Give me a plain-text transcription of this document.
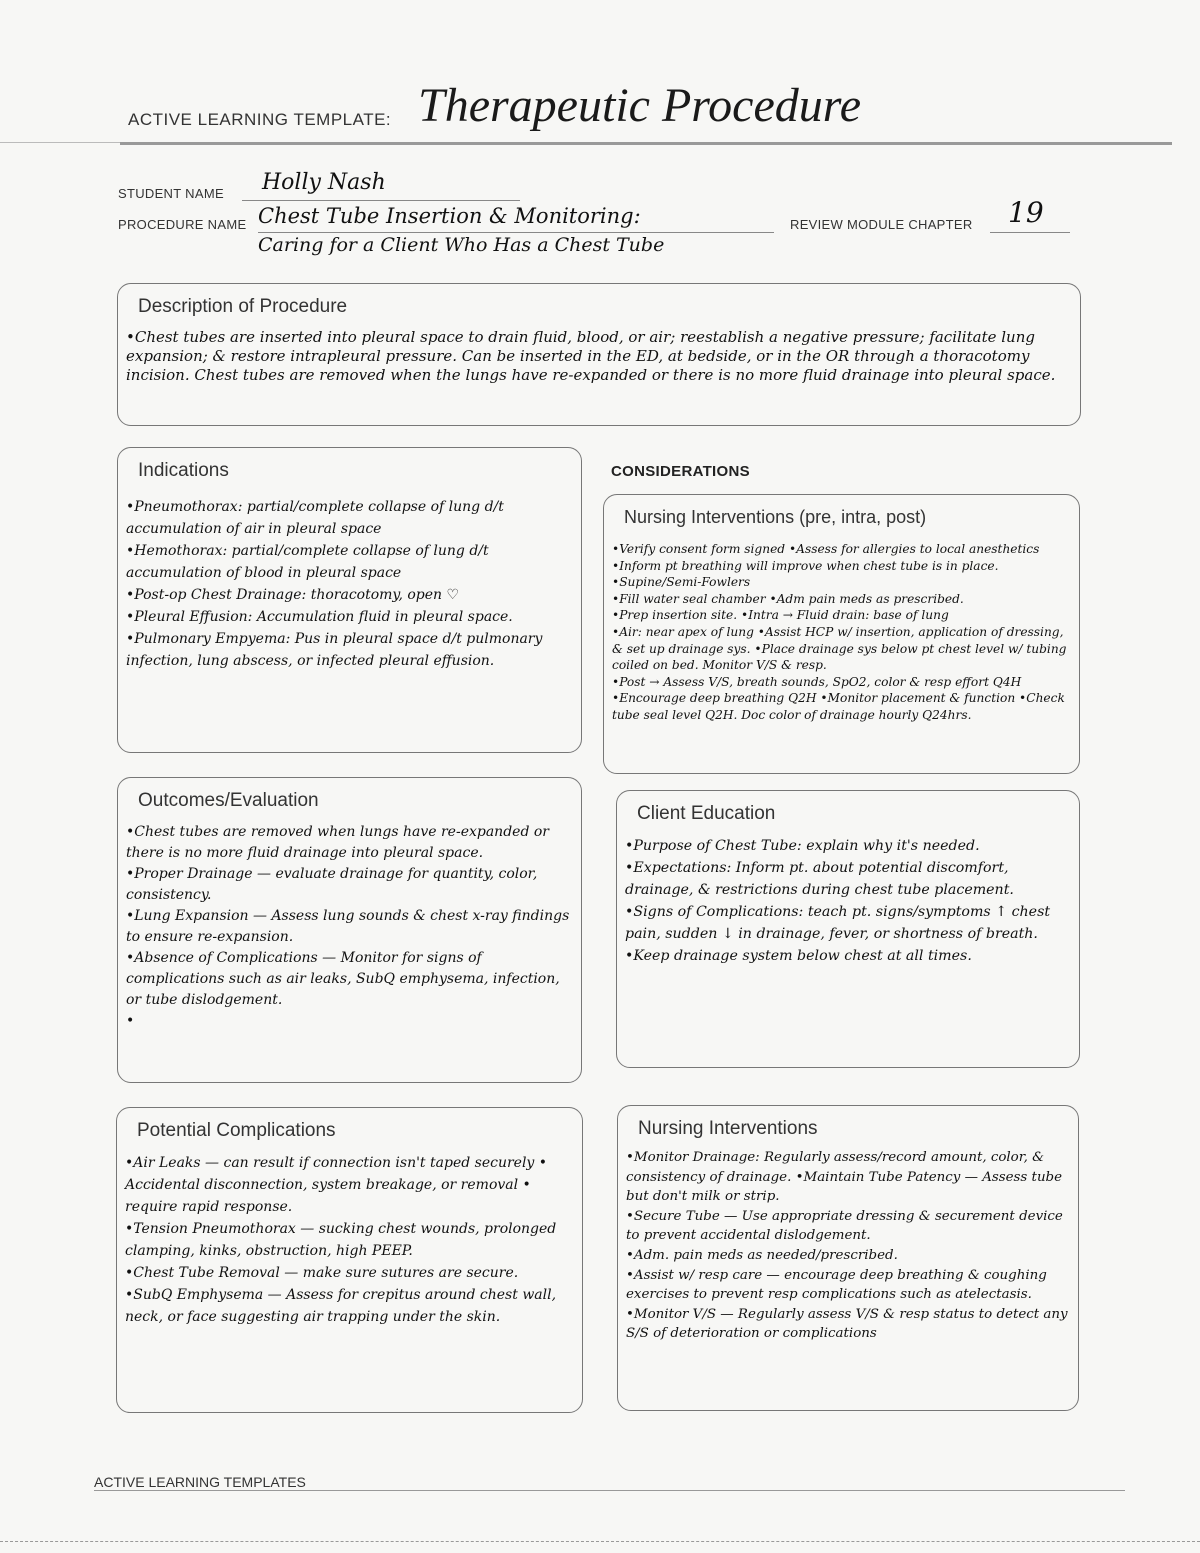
ACTIVE LEARNING TEMPLATE: Therapeutic Procedure
STUDENT NAME Holly Nash
PROCEDURE NAME Chest Tube Insertion & Monitoring:
Caring for a Client Who Has a Chest Tube
REVIEW MODULE CHAPTER 19
Description of Procedure
•Chest tubes are inserted into pleural space to drain fluid, blood, or air; reestablish a negative pressure; facilitate lung expansion; & restore intrapleural pressure. Can be inserted in the ED, at bedside, or in the OR through a thoracotomy incision. Chest tubes are removed when the lungs have re-expanded or there is no more fluid drainage into pleural space.
Indications

•Pneumothorax: partial/complete collapse of lung d/t accumulation of air in pleural space

•Hemothorax: partial/complete collapse of lung d/t accumulation of blood in pleural space

•Post-op Chest Drainage: thoracotomy, open ♡

•Pleural Effusion: Accumulation fluid in pleural space.

•Pulmonary Empyema: Pus in pleural space d/t pulmonary infection, lung abscess, or infected pleural effusion.

CONSIDERATIONS
Nursing Interventions (pre, intra, post)

•Verify consent form signed •Assess for allergies to local anesthetics •Inform pt breathing will improve when chest tube is in place. •Supine/Semi-Fowlers

•Fill water seal chamber •Adm pain meds as prescribed.

•Prep insertion site. •Intra → Fluid drain: base of lung

•Air: near apex of lung •Assist HCP w/ insertion, application of dressing, & set up drainage sys. •Place drainage sys below pt chest level w/ tubing coiled on bed. Monitor V/S & resp.

•Post → Assess V/S, breath sounds, SpO2, color & resp effort Q4H •Encourage deep breathing Q2H •Monitor placement & function •Check tube seal level Q2H. Doc color of drainage hourly Q24hrs.

Outcomes/Evaluation

•Chest tubes are removed when lungs have re-expanded or there is no more fluid drainage into pleural space.

•Proper Drainage — evaluate drainage for quantity, color, consistency.

•Lung Expansion — Assess lung sounds & chest x-ray findings to ensure re-expansion.

•Absence of Complications — Monitor for signs of complications such as air leaks, SubQ emphysema, infection, or tube dislodgement.

•

Client Education

•Purpose of Chest Tube: explain why it's needed.

•Expectations: Inform pt. about potential discomfort, drainage, & restrictions during chest tube placement.

•Signs of Complications: teach pt. signs/symptoms ↑ chest pain, sudden ↓ in drainage, fever, or shortness of breath. •Keep drainage system below chest at all times.

Potential Complications

•Air Leaks — can result if connection isn't taped securely • Accidental disconnection, system breakage, or removal • require rapid response.

•Tension Pneumothorax — sucking chest wounds, prolonged clamping, kinks, obstruction, high PEEP.

•Chest Tube Removal — make sure sutures are secure.

•SubQ Emphysema — Assess for crepitus around chest wall, neck, or face suggesting air trapping under the skin.

Nursing Interventions

•Monitor Drainage: Regularly assess/record amount, color, & consistency of drainage. •Maintain Tube Patency — Assess tube but don't milk or strip.

•Secure Tube — Use appropriate dressing & securement device to prevent accidental dislodgement.

•Adm. pain meds as needed/prescribed.

•Assist w/ resp care — encourage deep breathing & coughing exercises to prevent resp complications such as atelectasis.

•Monitor V/S — Regularly assess V/S & resp status to detect any S/S of deterioration or complications

ACTIVE LEARNING TEMPLATES
